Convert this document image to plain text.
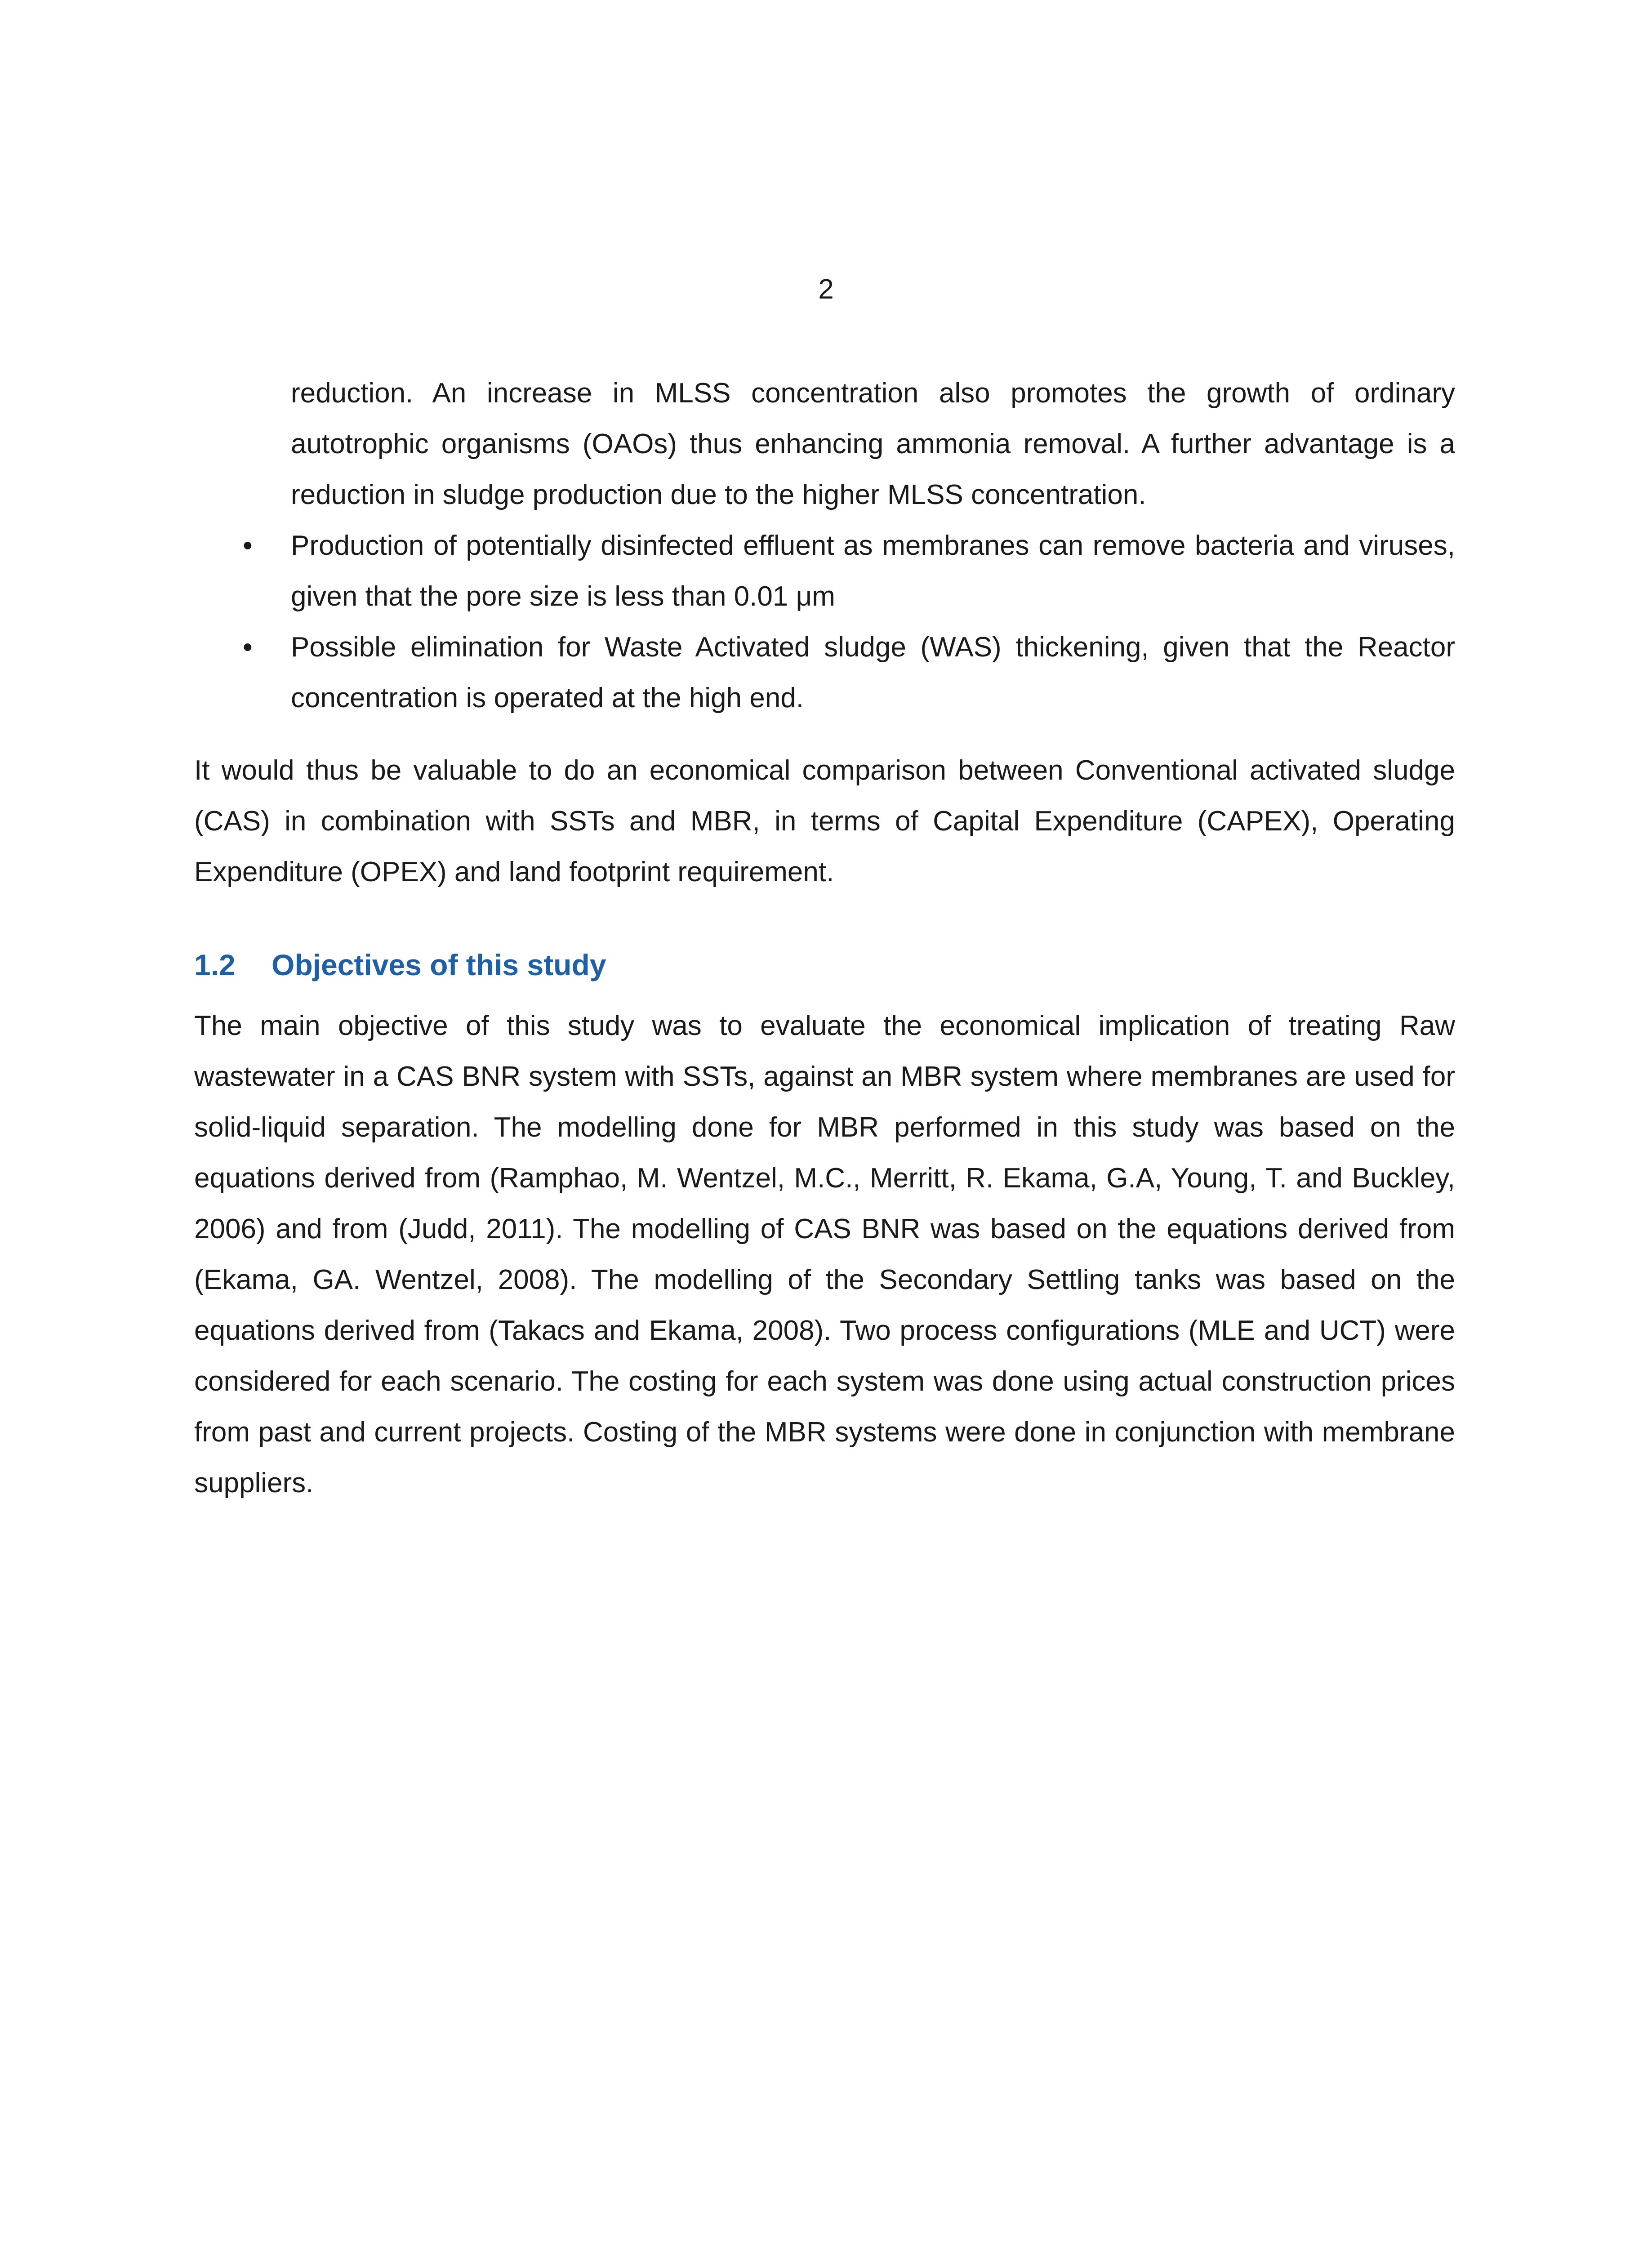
2

reduction. An increase in MLSS concentration also promotes the growth of ordinary autotrophic organisms (OAOs) thus enhancing ammonia removal. A further advantage is a reduction in sludge production due to the higher MLSS concentration.

• Production of potentially disinfected effluent as membranes can remove bacteria and viruses, given that the pore size is less than 0.01 μm
• Possible elimination for Waste Activated sludge (WAS) thickening, given that the Reactor concentration is operated at the high end.

It would thus be valuable to do an economical comparison between Conventional activated sludge (CAS) in combination with SSTs and MBR, in terms of Capital Expenditure (CAPEX), Operating Expenditure (OPEX) and land footprint requirement.

1.2	Objectives of this study

The main objective of this study was to evaluate the economical implication of treating Raw wastewater in a CAS BNR system with SSTs, against an MBR system where membranes are used for solid-liquid separation. The modelling done for MBR performed in this study was based on the equations derived from (Ramphao, M. Wentzel, M.C., Merritt, R. Ekama, G.A, Young, T. and Buckley, 2006) and from (Judd, 2011). The modelling of CAS BNR was based on the equations derived from (Ekama, GA. Wentzel, 2008). The modelling of the Secondary Settling tanks was based on the equations derived from (Takacs and Ekama, 2008). Two process configurations (MLE and UCT) were considered for each scenario. The costing for each system was done using actual construction prices from past and current projects. Costing of the MBR systems were done in conjunction with membrane suppliers.
